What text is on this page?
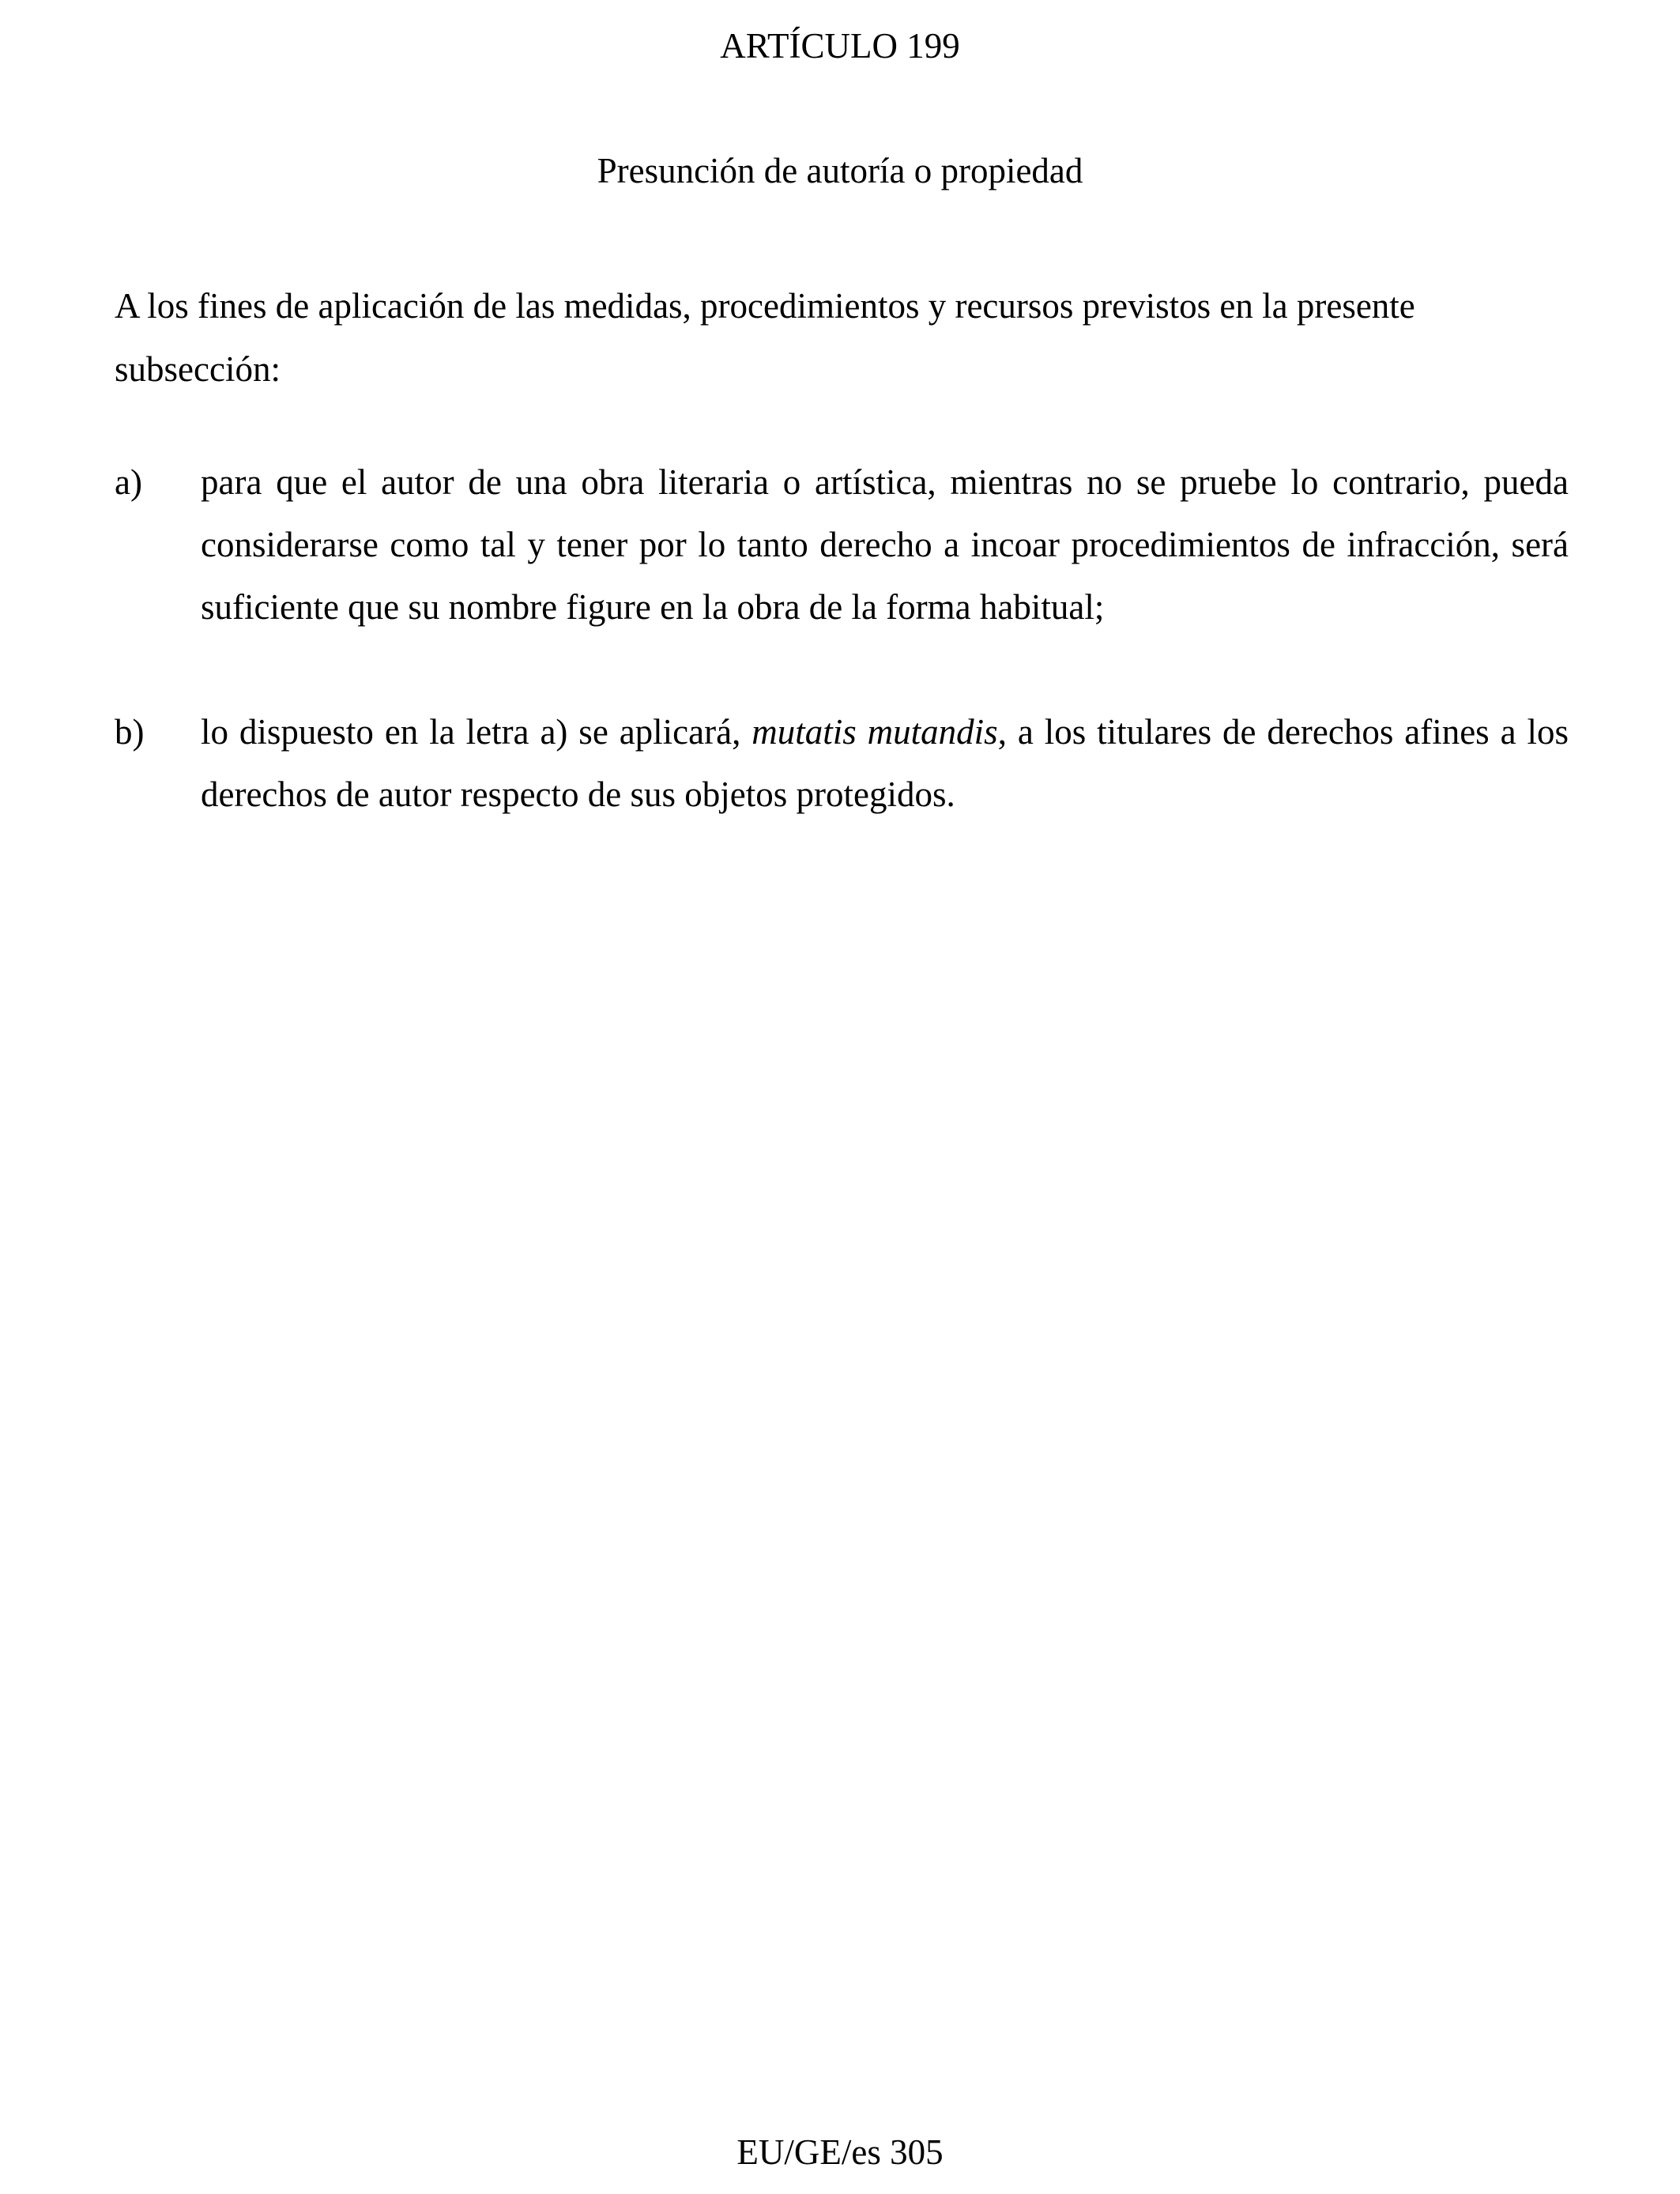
ARTÍCULO 199
Presunción de autoría o propiedad

A los fines de aplicación de las medidas, procedimientos y recursos previstos en la presente

subsección:

a)	para que el autor de una obra literaria o artística, mientras no se pruebe lo contrario, pueda
considerarse como tal y tener por lo tanto derecho a incoar procedimientos de infracción, será
suficiente que su nombre figure en la obra de la forma habitual;
b)	lo dispuesto en la letra a) se aplicará, mutatis mutandis, a los titulares de derechos afines a los
derechos de autor respecto de sus objetos protegidos.
EU/GE/es 305
